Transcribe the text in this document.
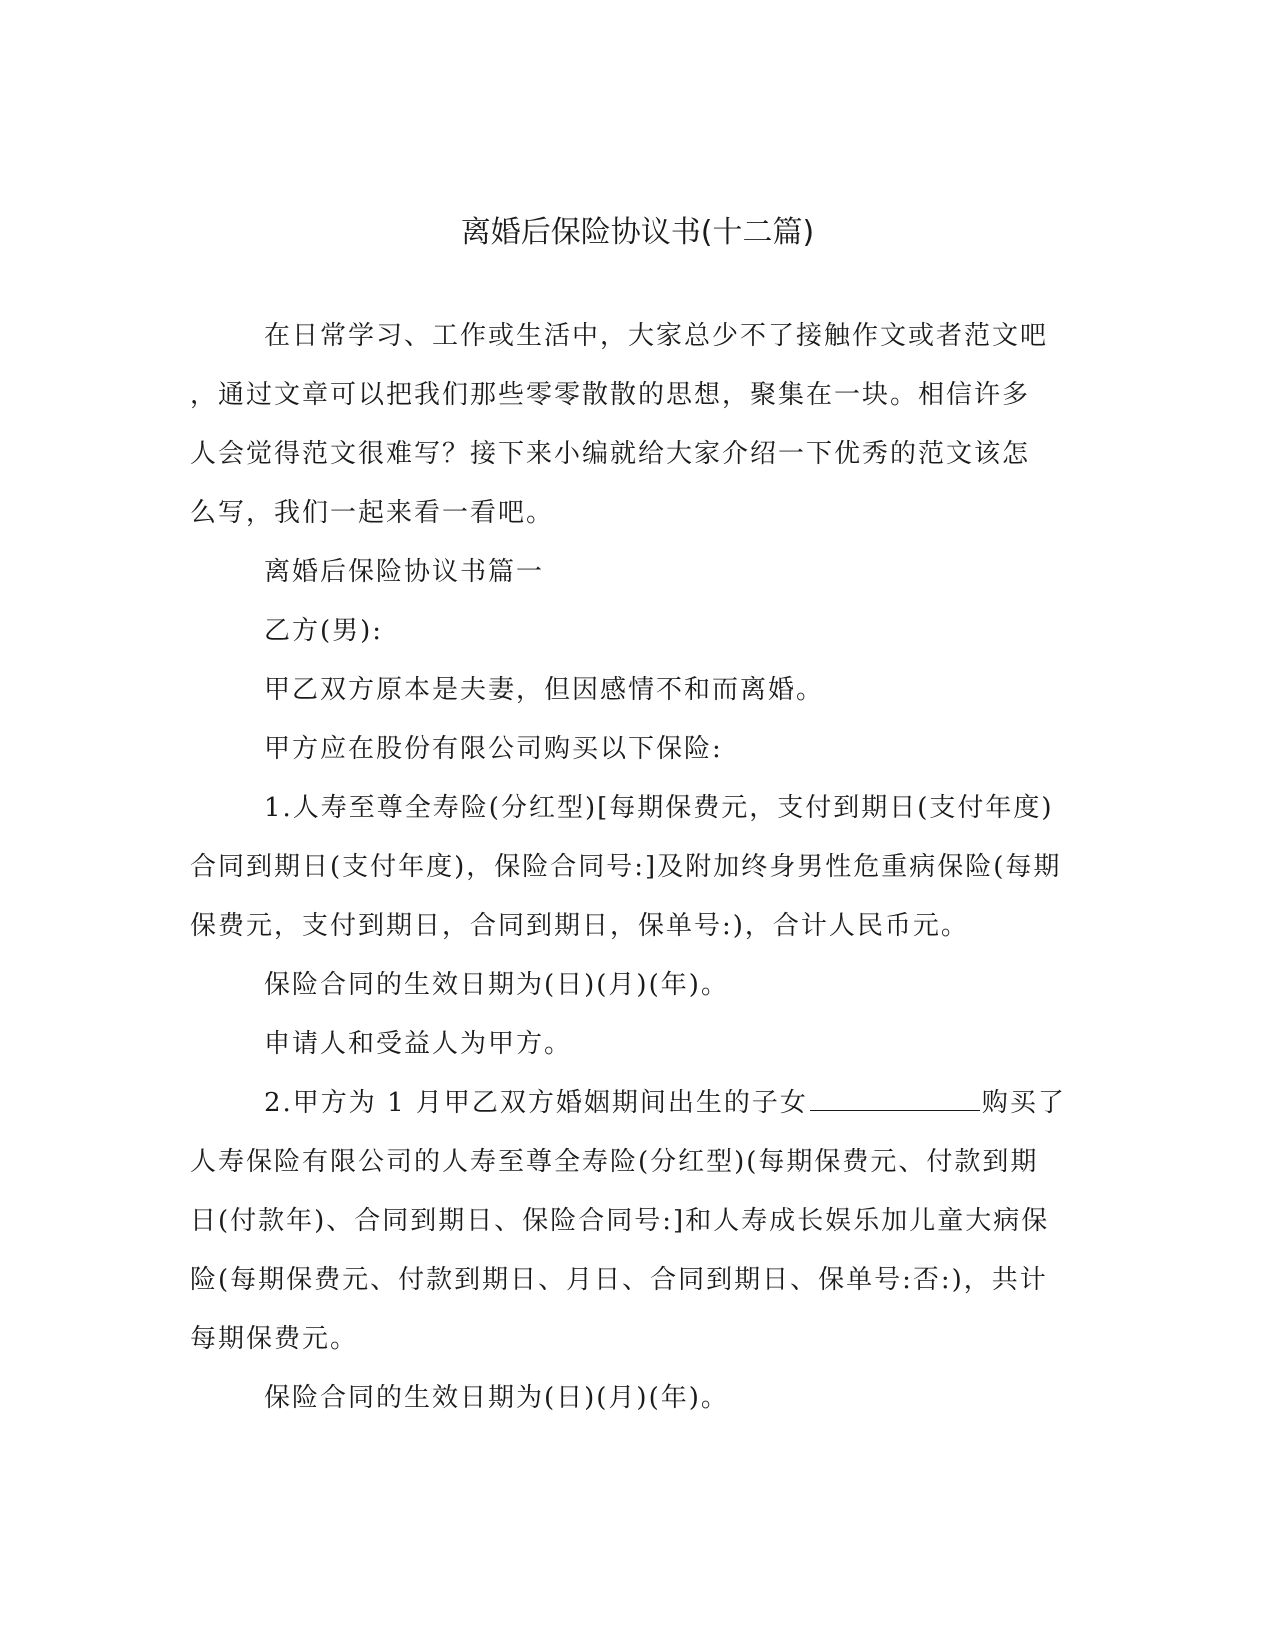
离婚后保险协议书(十二篇)
在日常学习、工作或生活中，大家总少不了接触作文或者范文吧
，通过文章可以把我们那些零零散散的思想，聚集在一块。相信许多
人会觉得范文很难写？接下来小编就给大家介绍一下优秀的范文该怎
么写，我们一起来看一看吧。
离婚后保险协议书篇一
乙方(男):
甲乙双方原本是夫妻，但因感情不和而离婚。
甲方应在股份有限公司购买以下保险:
1.人寿至尊全寿险(分红型)[每期保费元，支付到期日(支付年度)
合同到期日(支付年度)，保险合同号:]及附加终身男性危重病保险(每期
保费元，支付到期日，合同到期日，保单号:)，合计人民币元。
保险合同的生效日期为(日)(月)(年)。
申请人和受益人为甲方。
2.甲方为 1 月甲乙双方婚姻期间出生的子女	购买了
人寿保险有限公司的人寿至尊全寿险(分红型)(每期保费元、付款到期
日(付款年)、合同到期日、保险合同号:]和人寿成长娱乐加儿童大病保
险(每期保费元、付款到期日、月日、合同到期日、保单号:否:)，共计
每期保费元。
保险合同的生效日期为(日)(月)(年)。
